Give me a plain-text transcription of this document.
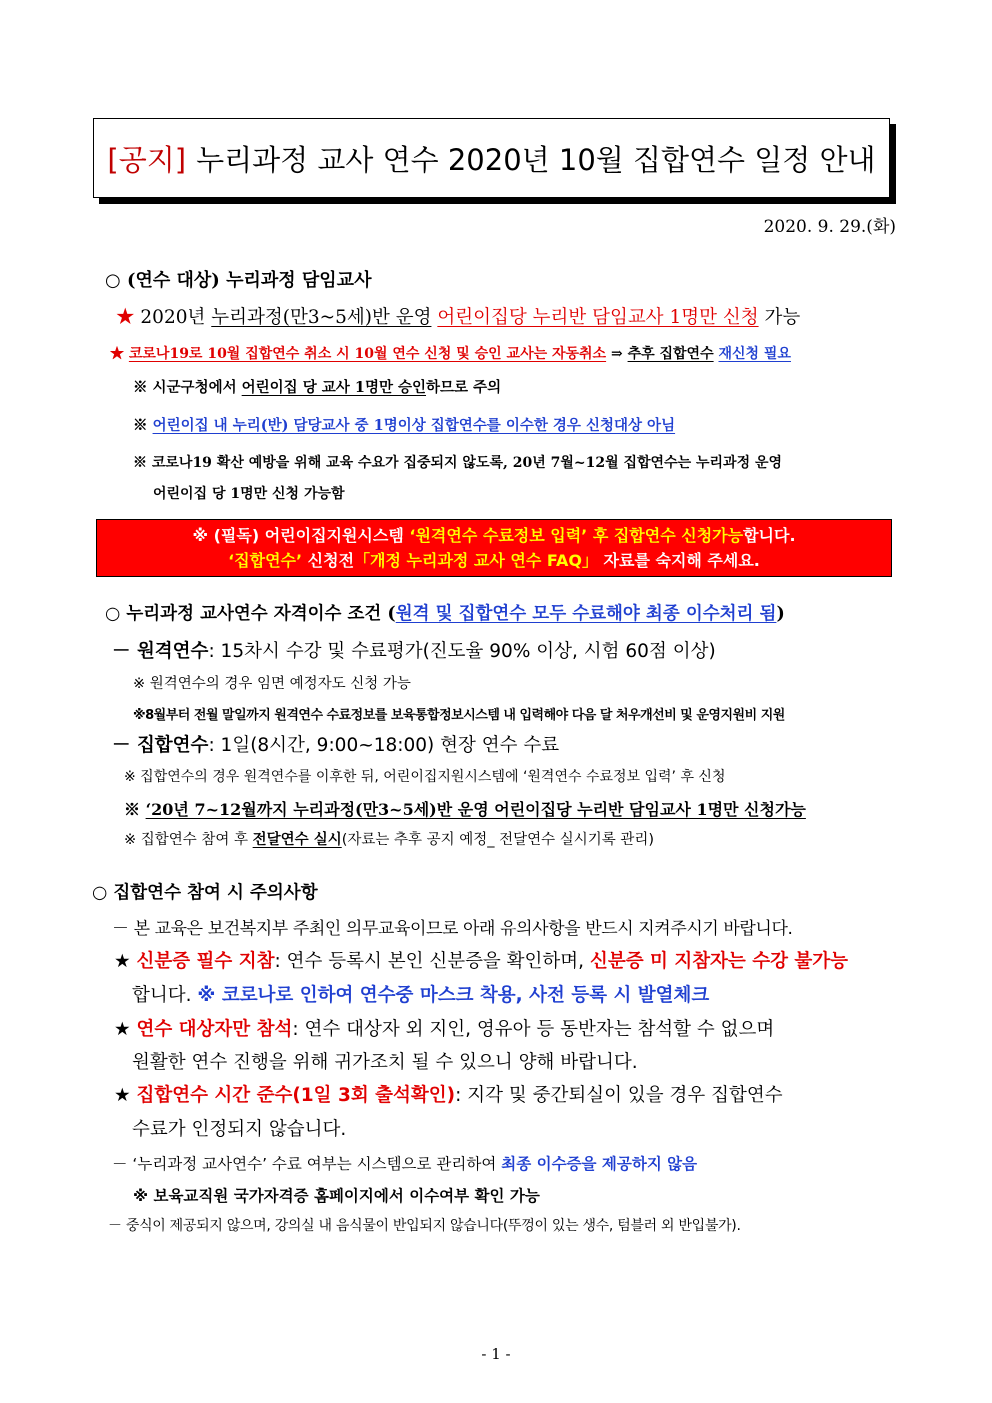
[공지] 누리과정 교사 연수 2020년 10월 집합연수 일정 안내
2020. 9. 29.(화)
○ (연수 대상) 누리과정 담임교사
★ 2020년 누리과정(만3~5세)반 운영 어린이집당 누리반 담임교사 1명만 신청 가능
★ 코로나19로 10월 집합연수 취소 시 10월 연수 신청 및 승인 교사는 자동취소 ⇒ 추후 집합연수 재신청 필요
※ 시군구청에서 어린이집 당 교사 1명만 승인하므로 주의
※ 어린이집 내 누리(반) 담당교사 중 1명이상 집합연수를 이수한 경우 신청대상 아님
※ 코로나19 확산 예방을 위해 교육 수요가 집중되지 않도록, 20년 7월~12월 집합연수는 누리과정 운영
어린이집 당 1명만 신청 가능함
※ (필독) 어린이집지원시스템 ‘원격연수 수료정보 입력’ 후 집합연수 신청가능합니다.
‘집합연수’ 신청전「개정 누리과정 교사 연수 FAQ」 자료를 숙지해 주세요.
○ 누리과정 교사연수 자격이수 조건 (원격 및 집합연수 모두 수료해야 최종 이수처리 됨)
－ 원격연수: 15차시 수강 및 수료평가(진도율 90% 이상, 시험 60점 이상)
※ 원격연수의 경우 임면 예정자도 신청 가능
※8월부터 전월 말일까지 원격연수 수료정보를 보육통합정보시스템 내 입력해야 다음 달 처우개선비 및 운영지원비 지원
－ 집합연수: 1일(8시간, 9:00~18:00) 현장 연수 수료
※ 집합연수의 경우 원격연수를 이후한 뒤, 어린이집지원시스템에 ‘원격연수 수료정보 입력’ 후 신청
※ ‘20년 7~12월까지 누리과정(만3~5세)반 운영 어린이집당 누리반 담임교사 1명만 신청가능
※ 집합연수 참여 후 전달연수 실시(자료는 추후 공지 예정_ 전달연수 실시기록 관리)
○ 집합연수 참여 시 주의사항
－ 본 교육은 보건복지부 주최인 의무교육이므로 아래 유의사항을 반드시 지켜주시기 바랍니다.
★ 신분증 필수 지참: 연수 등록시 본인 신분증을 확인하며, 신분증 미 지참자는 수강 불가능
합니다. ※ 코로나로 인하여 연수중 마스크 착용, 사전 등록 시 발열체크
★ 연수 대상자만 참석: 연수 대상자 외 지인, 영유아 등 동반자는 참석할 수 없으며
원활한 연수 진행을 위해 귀가조치 될 수 있으니 양해 바랍니다.
★ 집합연수 시간 준수(1일 3회 출석확인): 지각 및 중간퇴실이 있을 경우 집합연수
수료가 인정되지 않습니다.
－ ‘누리과정 교사연수’ 수료 여부는 시스템으로 관리하여 최종 이수증을 제공하지 않음
※ 보육교직원 국가자격증 홈페이지에서 이수여부 확인 가능
－ 중식이 제공되지 않으며, 강의실 내 음식물이 반입되지 않습니다(뚜껑이 있는 생수, 텀블러 외 반입불가).
- 1 -
